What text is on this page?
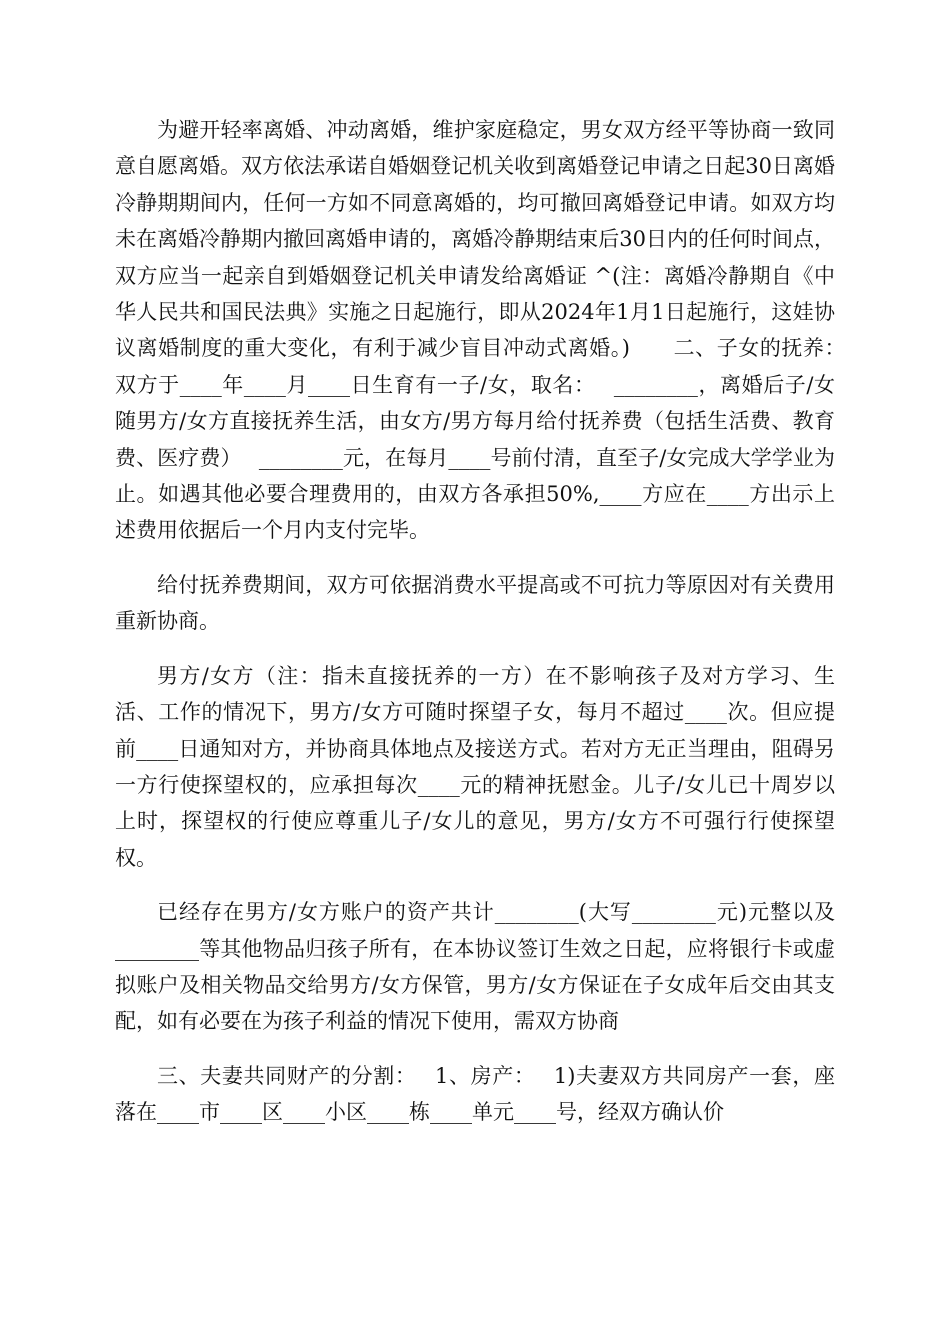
为避开轻率离婚、冲动离婚，维护家庭稳定，男女双方经平等协商一致同意自愿离婚。双方依法承诺自婚姻登记机关收到离婚登记申请之日起30日离婚冷静期期间内，任何一方如不同意离婚的，均可撤回离婚登记申请。如双方均未在离婚冷静期内撤回离婚申请的，离婚冷静期结束后30日内的任何时间点，双方应当一起亲自到婚姻登记机关申请发给离婚证 ^(注：离婚冷静期自《中华人民共和国民法典》实施之日起施行，即从2024年1月1日起施行，这娃协议离婚制度的重大变化，有利于减少盲目冲动式离婚。)　　二、子女的抚养：　 双方于____年____月____日生育有一子/女，取名：　 ________，离婚后子/女随男方/女方直接抚养生活，由女方/男方每月给付抚养费（包括生活费、教育费、医疗费）　 ________元，在每月____号前付清，直至子/女完成大学学业为止。如遇其他必要合理费用的，由双方各承担50%,____方应在____方出示上述费用依据后一个月内支付完毕。

给付抚养费期间，双方可依据消费水平提高或不可抗力等原因对有关费用重新协商。

男方/女方（注：指未直接抚养的一方）在不影响孩子及对方学习、生活、工作的情况下，男方/女方可随时探望子女，每月不超过____次。但应提前____日通知对方，并协商具体地点及接送方式。若对方无正当理由，阻碍另一方行使探望权的，应承担每次____元的精神抚慰金。儿子/女儿已十周岁以上时，探望权的行使应尊重儿子/女儿的意见，男方/女方不可强行行使探望权。

已经存在男方/女方账户的资产共计________(大写________元)元整以及________等其他物品归孩子所有，在本协议签订生效之日起，应将银行卡或虚拟账户及相关物品交给男方/女方保管，男方/女方保证在子女成年后交由其支配，如有必要在为孩子利益的情况下使用，需双方协商

三、夫妻共同财产的分割：　 1、房产：　 1)夫妻双方共同房产一套，座落在____市____区____小区____栋____单元____号，经双方确认价
